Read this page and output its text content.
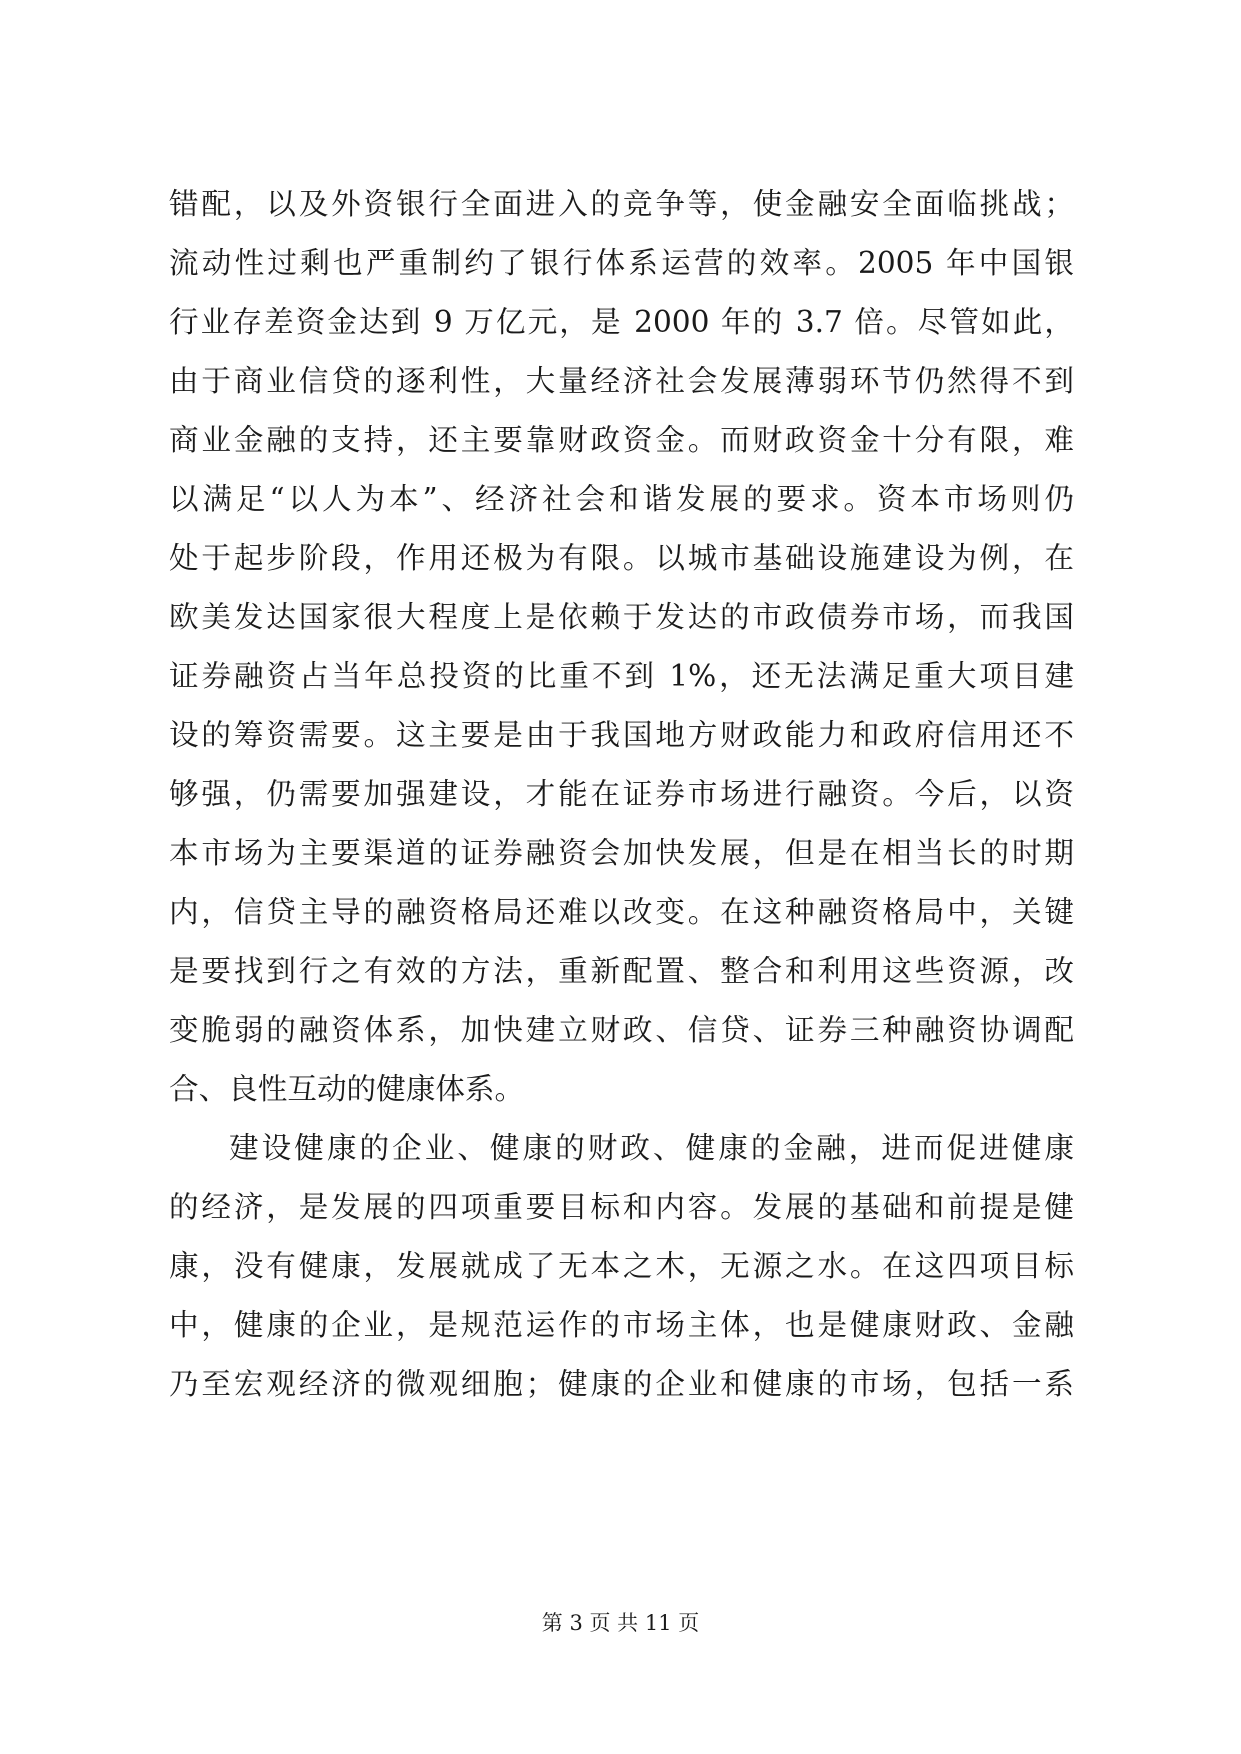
错配，以及外资银行全面进入的竞争等，使金融安全面临挑战；
流动性过剩也严重制约了银行体系运营的效率。2005 年中国银
行业存差资金达到 9 万亿元，是 2000 年的 3.7 倍。尽管如此，
由于商业信贷的逐利性，大量经济社会发展薄弱环节仍然得不到
商业金融的支持，还主要靠财政资金。而财政资金十分有限，难
以满足“以人为本”、经济社会和谐发展的要求。资本市场则仍
处于起步阶段，作用还极为有限。以城市基础设施建设为例，在
欧美发达国家很大程度上是依赖于发达的市政债券市场，而我国
证券融资占当年总投资的比重不到 1%，还无法满足重大项目建
设的筹资需要。这主要是由于我国地方财政能力和政府信用还不
够强，仍需要加强建设，才能在证券市场进行融资。今后，以资
本市场为主要渠道的证券融资会加快发展，但是在相当长的时期
内，信贷主导的融资格局还难以改变。在这种融资格局中，关键
是要找到行之有效的方法，重新配置、整合和利用这些资源，改
变脆弱的融资体系，加快建立财政、信贷、证券三种融资协调配
合、良性互动的健康体系。
建设健康的企业、健康的财政、健康的金融，进而促进健康
的经济，是发展的四项重要目标和内容。发展的基础和前提是健
康，没有健康，发展就成了无本之木，无源之水。在这四项目标
中，健康的企业，是规范运作的市场主体，也是健康财政、金融
乃至宏观经济的微观细胞；健康的企业和健康的市场，包括一系
第 3 页 共 11 页
